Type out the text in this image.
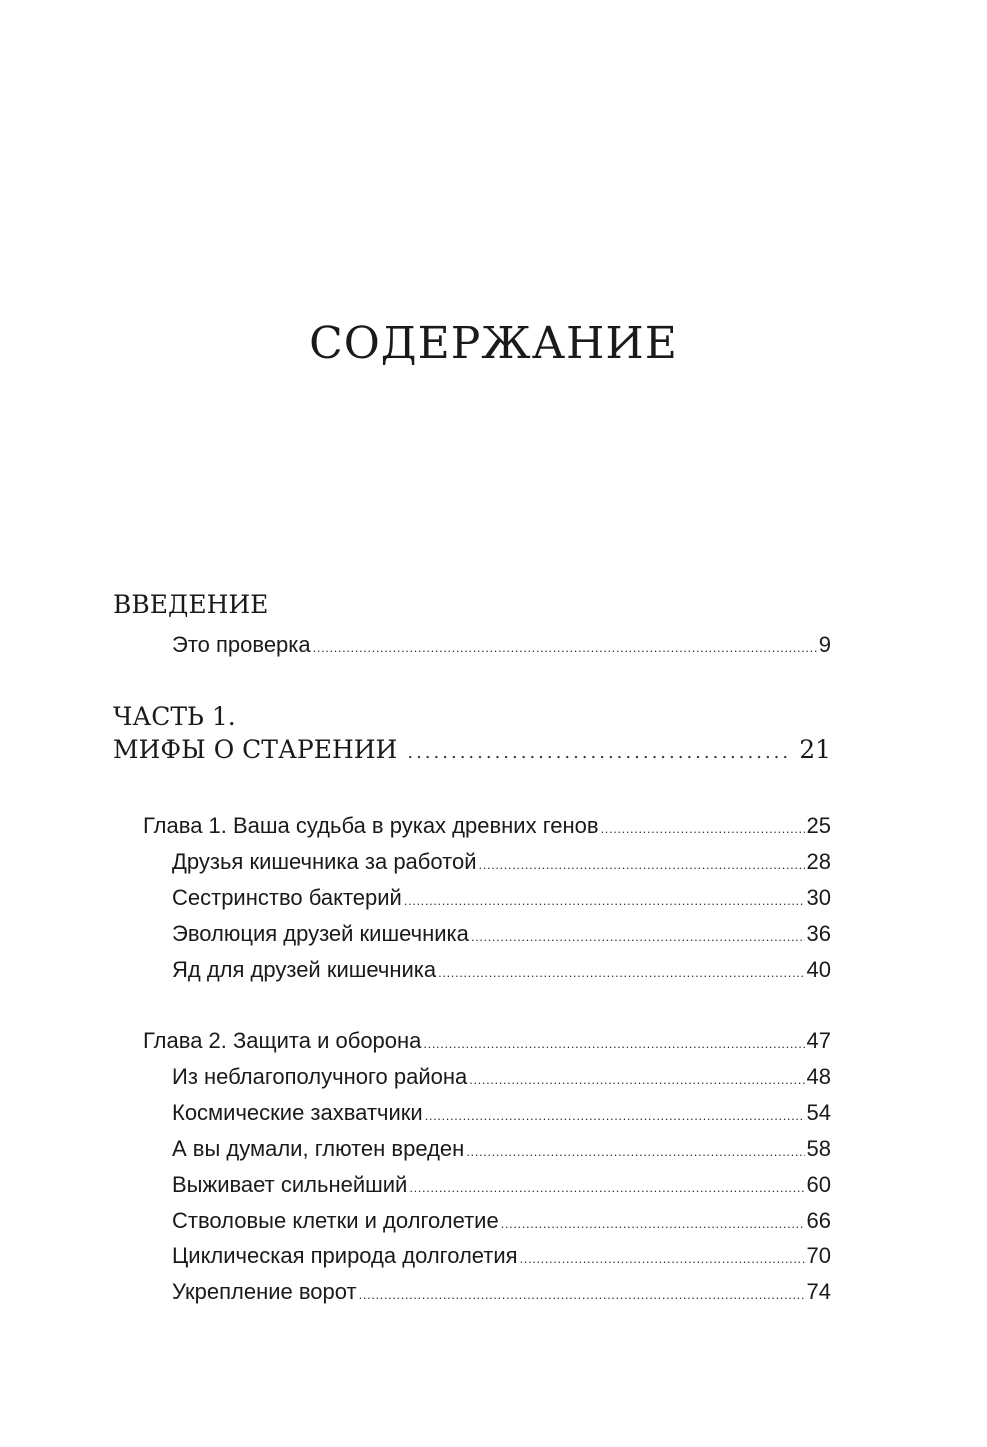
СОДЕРЖАНИЕ
ВВЕДЕНИЕ
Это проверка .....	9
ЧАСТЬ 1.
МИФЫ О СТАРЕНИИ .....	21
Глава 1. Ваша судьба в руках древних генов .....	25
Друзья кишечника за работой .....	28
Сестринство бактерий .....	30
Эволюция друзей кишечника .....	36
Яд для друзей кишечника .....	40
Глава 2. Защита и оборона .....	47
Из неблагополучного района .....	48
Космические захватчики .....	54
А вы думали, глютен вреден .....	58
Выживает сильнейший .....	60
Стволовые клетки и долголетие .....	66
Циклическая природа долголетия .....	70
Укрепление ворот .....	74
